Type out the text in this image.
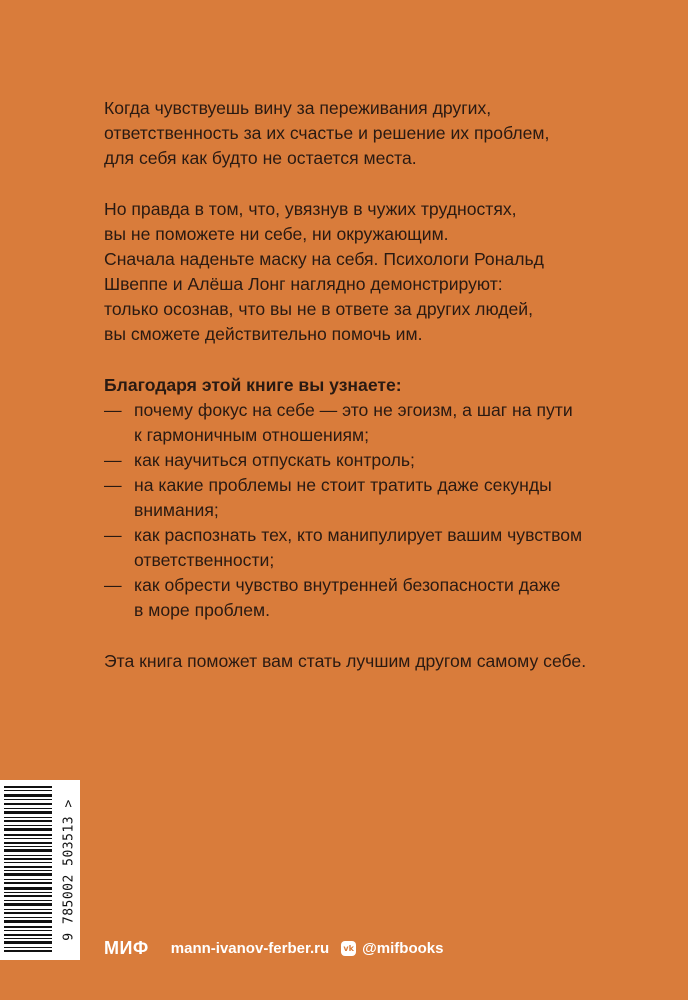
Когда чувствуешь вину за переживания других,
ответственность за их счастье и решение их проблем,
для себя как будто не остается места.

Но правда в том, что, увязнув в чужих трудностях,
вы не поможете ни себе, ни окружающим.
Сначала наденьте маску на себя. Психологи Рональд
Швеппе и Алёша Лонг наглядно демонстрируют:
только осознав, что вы не в ответе за других людей,
вы сможете действительно помочь им.

Благодаря этой книге вы узнаете:
— почему фокус на себе — это не эгоизм, а шаг на пути
к гармоничным отношениям;
— как научиться отпускать контроль;
— на какие проблемы не стоит тратить даже секунды
внимания;
— как распознать тех, кто манипулирует вашим чувством
ответственности;
— как обрести чувство внутренней безопасности даже
в море проблем.

Эта книга поможет вам стать лучшим другом самому себе.

9 785002 503513 >
МИФ mann-ivanov-ferber.ru vk @mifbooks
